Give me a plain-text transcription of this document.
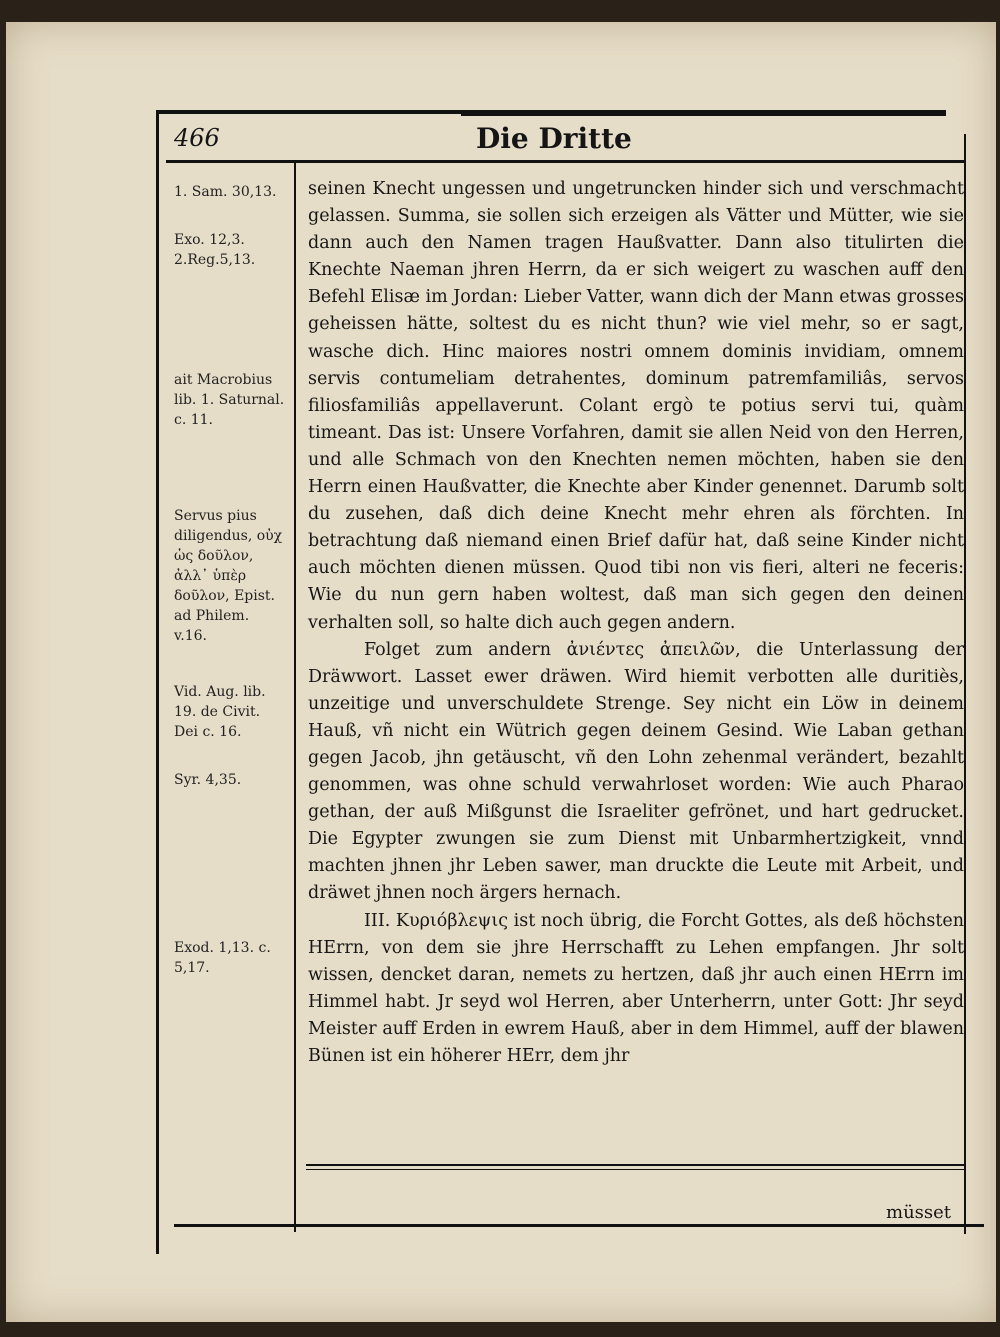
466	Die Dritte
1. Sam. 30,13.
Exo. 12,3. 2.Reg.5,13.
ait Macrobius lib. 1. Saturnal. c. 11.
Servus pius diligendus, οὐχ ὡς δοῦλον, ἀλλ᾽ ὑπὲρ δοῦλον, Epist. ad Philem. v.16.
Vid. Aug. lib. 19. de Civit. Dei c. 16.
Syr. 4,35.
Exod. 1,13. c. 5,17.

seinen Knecht ungessen und ungetruncken hinder sich und verschmacht gelassen. Summa, sie sollen sich erzeigen als Vätter und Mütter, wie sie dann auch den Namen tragen Haußvatter. Dann also titulirten die Knechte Naeman jhren Herrn, da er sich weigert zu waschen auff den Befehl Elisæ im Jordan: Lieber Vatter, wann dich der Mann etwas grosses geheissen hätte, soltest du es nicht thun? wie viel mehr, so er sagt, wasche dich. Hinc maiores nostri omnem dominis invidiam, omnem servis contumeliam detrahentes, dominum patremfamiliâs, servos filiosfamiliâs appellaverunt. Colant ergò te potius servi tui, quàm timeant. Das ist: Unsere Vorfahren, damit sie allen Neid von den Herren, und alle Schmach von den Knechten nemen möchten, haben sie den Herrn einen Haußvatter, die Knechte aber Kinder genennet. Darumb solt du zusehen, daß dich deine Knecht mehr ehren als förchten. In betrachtung daß niemand einen Brief dafür hat, daß seine Kinder nicht auch möchten dienen müssen. Quod tibi non vis fieri, alteri ne feceris: Wie du nun gern haben woltest, daß man sich gegen den deinen verhalten soll, so halte dich auch gegen andern.

Folget zum andern ἀνιέντες ἀπειλῶν, die Unterlassung der Dräwwort. Lasset ewer dräwen. Wird hiemit verbotten alle duritiès, unzeitige und unverschuldete Strenge. Sey nicht ein Löw in deinem Hauß, vñ nicht ein Wütrich gegen deinem Gesind. Wie Laban gethan gegen Jacob, jhn getäuscht, vñ den Lohn zehenmal verändert, bezahlt genommen, was ohne schuld verwahrloset worden: Wie auch Pharao gethan, der auß Mißgunst die Israeliter gefrönet, und hart gedrucket. Die Egypter zwungen sie zum Dienst mit Unbarmhertzigkeit, vnnd machten jhnen jhr Leben sawer, man druckte die Leute mit Arbeit, und dräwet jhnen noch ärgers hernach.

III. Κυριόβλεψις ist noch übrig, die Forcht Gottes, als deß höchsten HErrn, von dem sie jhre Herrschafft zu Lehen empfangen. Jhr solt wissen, dencket daran, nemets zu hertzen, daß jhr auch einen HErrn im Himmel habt. Jr seyd wol Herren, aber Unterherrn, unter Gott: Jhr seyd Meister auff Erden in ewrem Hauß, aber in dem Himmel, auff der blawen Bünen ist ein höherer HErr, dem jhr

müsset
